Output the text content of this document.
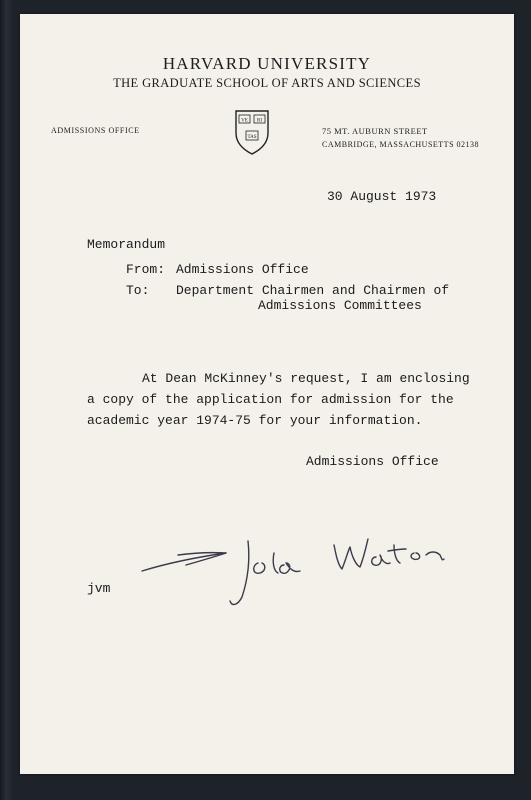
HARVARD UNIVERSITY
THE GRADUATE SCHOOL OF ARTS AND SCIENCES
ADMISSIONS OFFICE
VE RI
TAS
75 MT. AUBURN STREET
CAMBRIDGE, MASSACHUSETTS 02138
30 August 1973
Memorandum
From: Admissions Office
To: Department Chairmen and Chairmen of
Admissions Committees
At Dean McKinney's request, I am enclosing
a copy of the application for admission for the
academic year 1974-75 for your information.
Admissions Office
jvm
